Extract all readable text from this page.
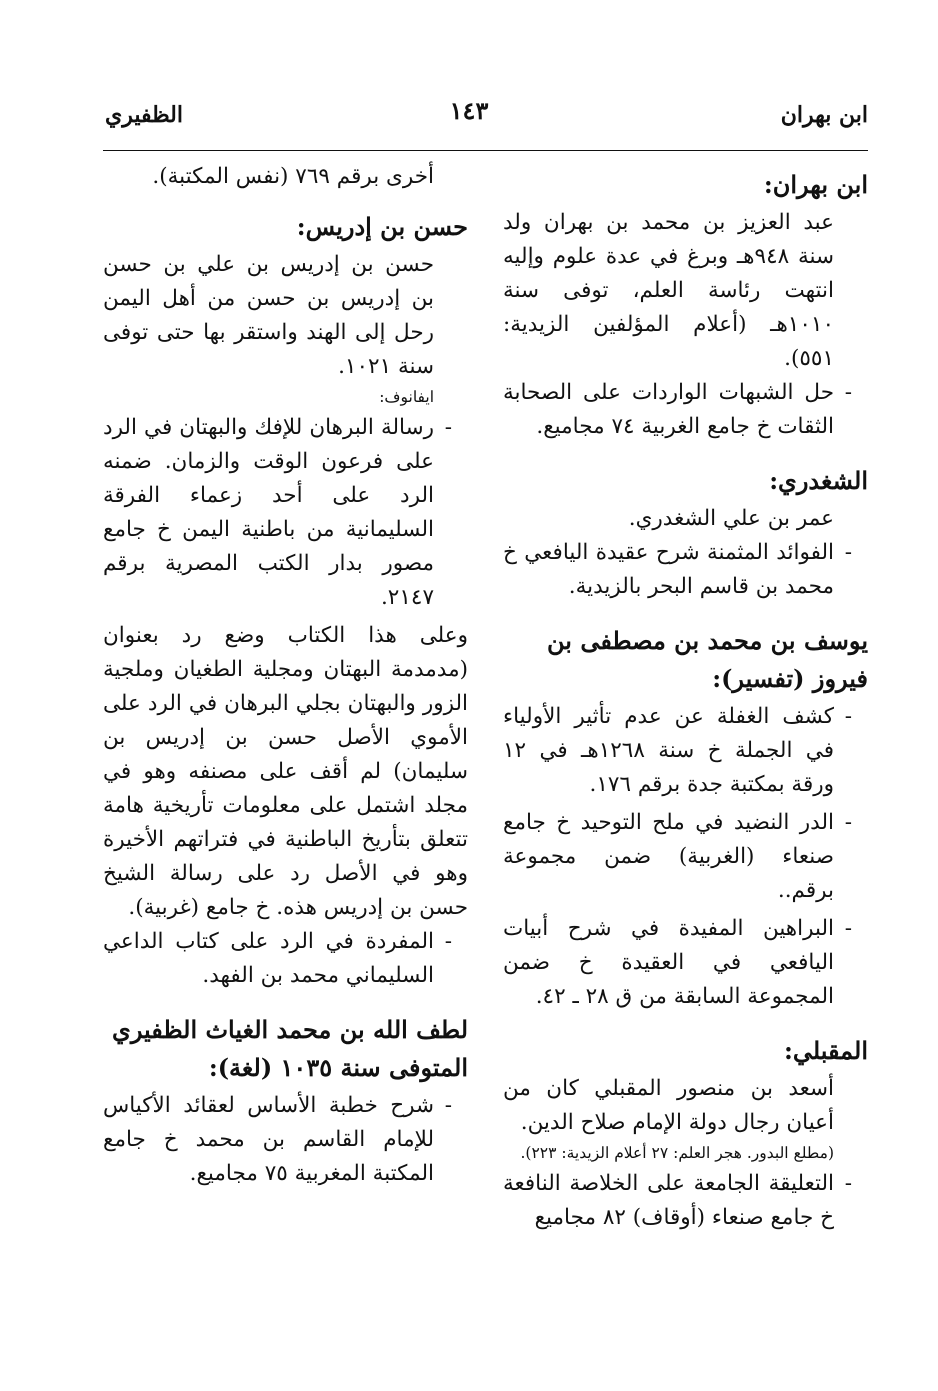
ابن بهران
١٤٣
الظفيري
ابن بهران:

عبد العزيز بن محمد بن بهران ولد سنة ٩٤٨هـ وبرغ في عدة علوم وإليه انتهت رئاسة العلم، توفى سنة ١٠١٠هـ (أعلام المؤلفين الزيدية: ٥٥١).

- حل الشبهات الواردات على الصحابة الثقات خ جامع الغربية ٧٤ مجاميع.
الشغدري:

عمر بن علي الشغدري.

- الفوائد المثمنة شرح عقيدة اليافعي خ محمد بن قاسم البحر بالزيدية.
يوسف بن محمد بن مصطفى بن فيروز (تفسير):
- كشف الغفلة عن عدم تأثير الأولياء في الجملة خ سنة ١٢٦٨هـ في ١٢ ورقة بمكتبة جدة برقم ١٧٦.
- الدر النضيد في ملح التوحيد خ جامع صنعاء (الغربية) ضمن مجموعة برقم..
- البراهين المفيدة في شرح أبيات اليافعي في العقيدة خ ضمن المجموعة السابقة من ق ٢٨ ـ ٤٢.
المقبلي:

أسعد بن منصور المقبلي كان من أعيان رجال دولة الإمام صلاح الدين.

(مطلع البدور. هجر العلم: ٢٧ أعلام الزيدية: ٢٢٣).

- التعليقة الجامعة على الخلاصة النافعة خ جامع صنعاء (أوقاف) ٨٢ مجاميع

أخرى برقم ٧٦٩ (نفس المكتبة).

حسن بن إدريس:

حسن بن إدريس بن علي بن حسن بن إدريس بن حسن من أهل اليمن رحل إلى الهند واستقر بها حتى توفى سنة ١٠٢١.

ايفانوف:

- رسالة البرهان للإفك والبهتان في الرد على فرعون الوقت والزمان. ضمنه الرد على أحد زعماء الفرقة السليمانية من باطنية اليمن خ جامع مصور بدار الكتب المصرية برقم ٢١٤٧.

وعلى هذا الكتاب وضع رد بعنوان (مدمدمة البهتان ومجلية الطغيان وملجية الزور والبهتان بجلي البرهان في الرد على الأموي الأصل حسن بن إدريس بن سليمان) لم أقف على مصنفه وهو في مجلد اشتمل على معلومات تأريخية هامة تتعلق بتأريخ الباطنية في فتراتهم الأخيرة وهو في الأصل رد على رسالة الشيخ حسن بن إدريس هذه. خ جامع (غربية).

- المفردة في الرد على كتاب الداعي السليماني محمد بن الفهد.
لطف الله بن محمد الغياث الظفيري المتوفى سنة ١٠٣٥ (لغة):
- شرح خطبة الأساس لعقائد الأكياس للإمام القاسم بن محمد خ جامع المكتبة المغربية ٧٥ مجاميع.
